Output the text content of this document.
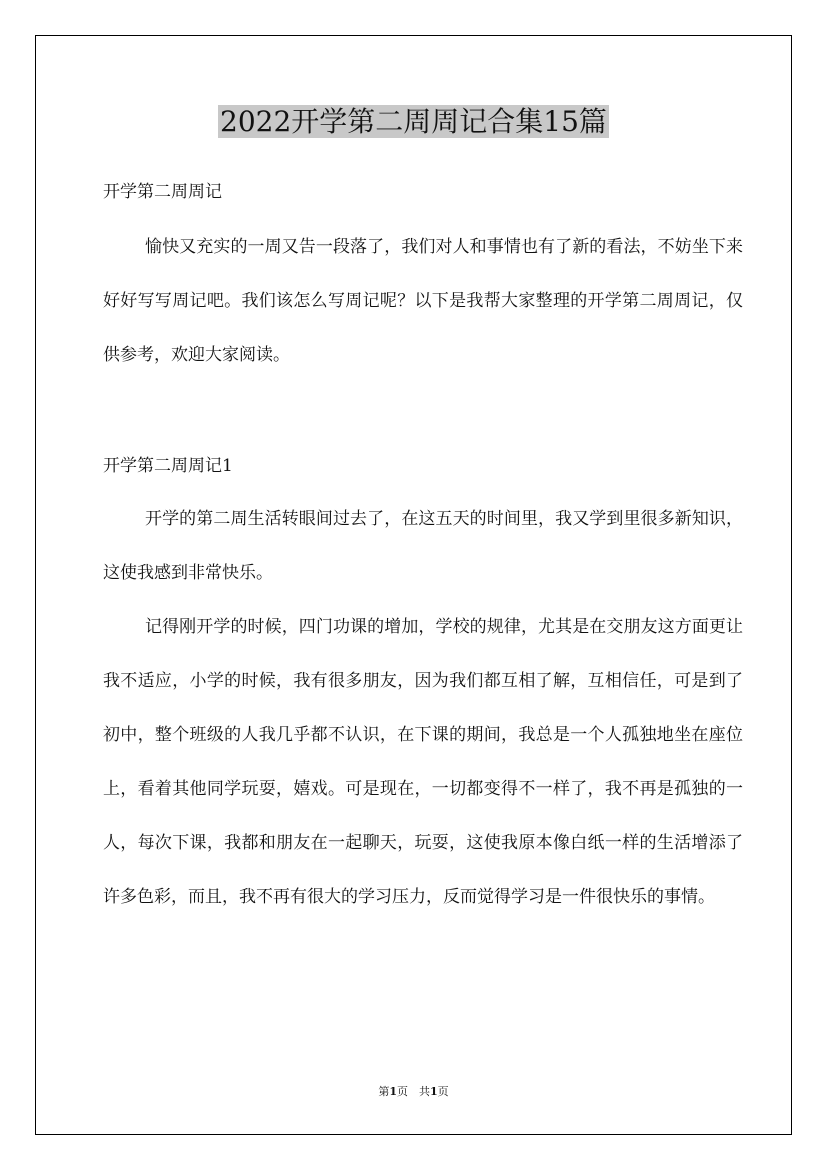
2022开学第二周周记合集15篇
开学第二周周记

愉快又充实的一周又告一段落了，我们对人和事情也有了新的看法，不妨坐下来好好写写周记吧。我们该怎么写周记呢？以下是我帮大家整理的开学第二周周记，仅供参考，欢迎大家阅读。

开学第二周周记1

开学的第二周生活转眼间过去了，在这五天的时间里，我又学到里很多新知识，这使我感到非常快乐。

记得刚开学的时候，四门功课的增加，学校的规律，尤其是在交朋友这方面更让我不适应，小学的时候，我有很多朋友，因为我们都互相了解，互相信任，可是到了初中，整个班级的人我几乎都不认识，在下课的期间，我总是一个人孤独地坐在座位上，看着其他同学玩耍，嬉戏。可是现在，一切都变得不一样了，我不再是孤独的一人，每次下课，我都和朋友在一起聊天，玩耍，这使我原本像白纸一样的生活增添了许多色彩，而且，我不再有很大的学习压力，反而觉得学习是一件很快乐的事情。

第1页　共1页
